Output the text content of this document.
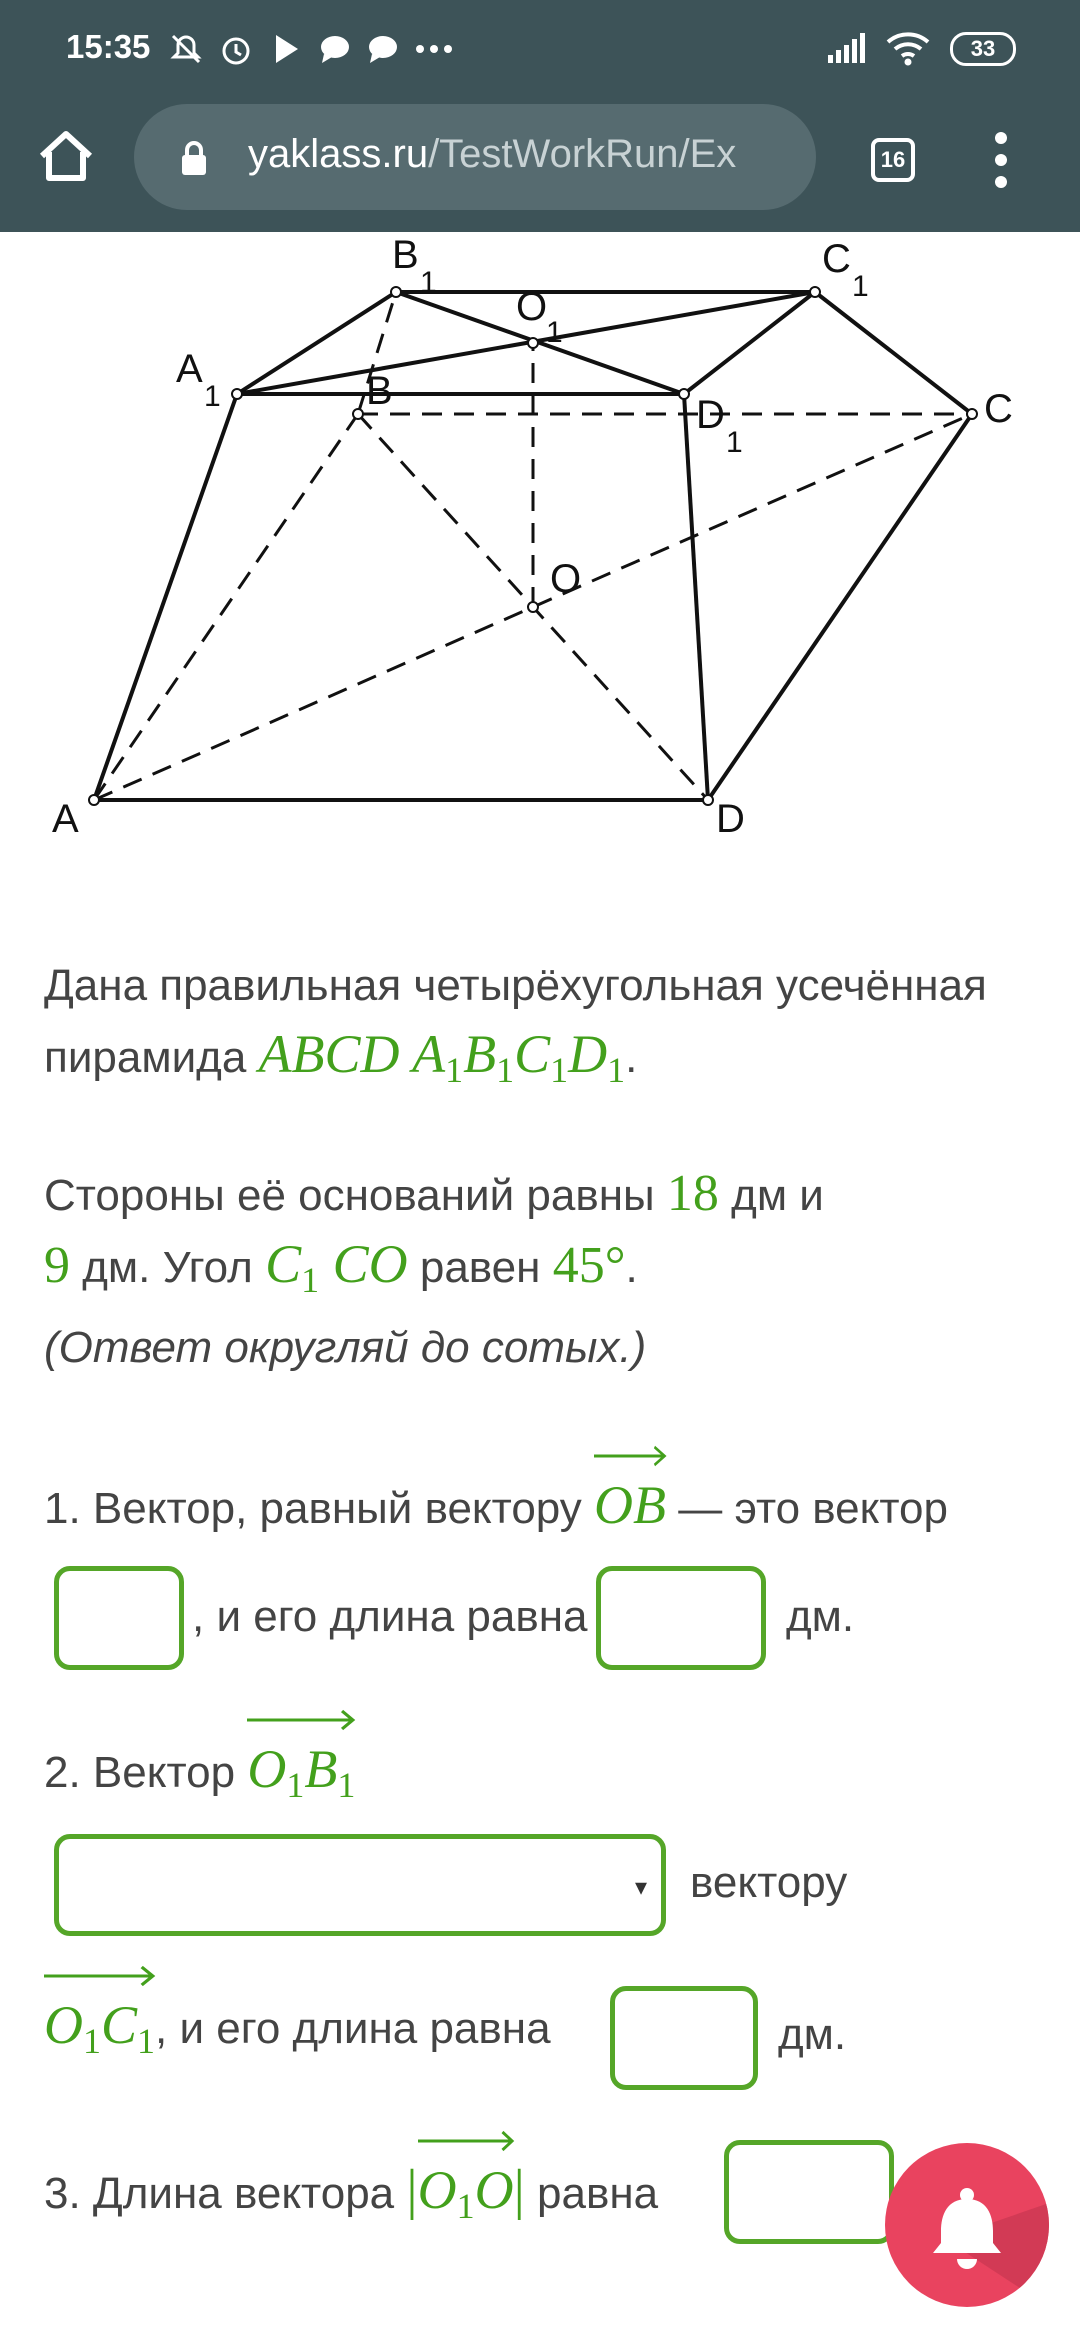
15:35	33
yaklass.ru/TestWorkRun/Ex	16
A	D
C
B
O
A
1
B
1
C
1
O
1
D
1
Дана правильная четырёхугольная усечённая
пирамида ABCD $A_1B_1C_1D_1$.
Стороны её оснований равны 18 дм и
9 дм. Угол $C_1$ CO равен 45°.
(Ответ округляй до сотых.)
1. Вектор, равный вектору OB — это вектор
, и его длина равна	дм.
2. Вектор $O_1B_1$
▾ вектору
$O_1C_1$, и его длина равна	дм.
3. Длина вектора |
$O_1O|$ равна
